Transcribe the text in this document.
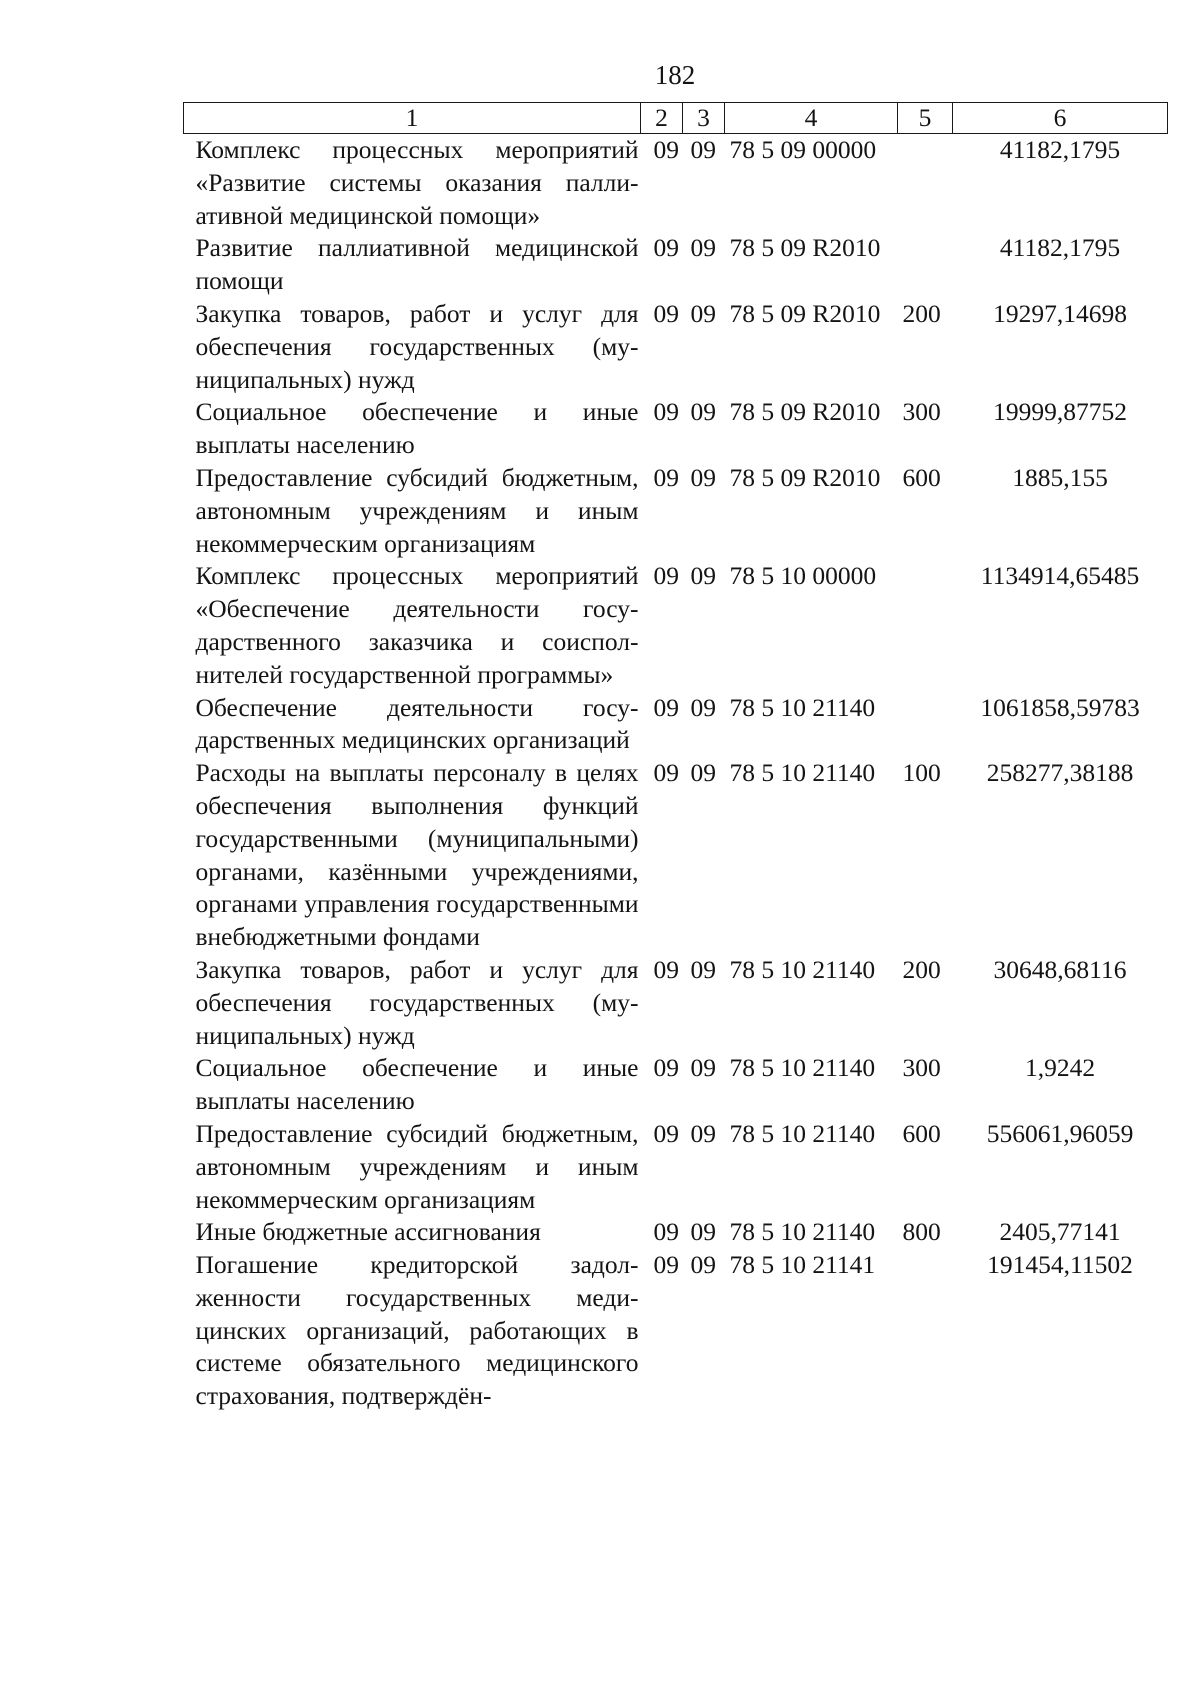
182
1	2	3	4	5	6
Комплекс процессных мероприятий «Развитие системы оказания паллиативной медицинской помощи»	09	09	78 5 09 00000		41182,1795
Развитие паллиативной медицинской помощи	09	09	78 5 09 R2010		41182,1795
Закупка товаров, работ и услуг для обеспечения государственных (муниципальных) нужд	09	09	78 5 09 R2010	200	19297,14698
Социальное обеспечение и иные выплаты населению	09	09	78 5 09 R2010	300	19999,87752
Предоставление субсидий бюджетным, автономным учреждениям и иным некоммерческим организациям	09	09	78 5 09 R2010	600	1885,155
Комплекс процессных мероприятий «Обеспечение деятельности государственного заказчика и соисполнителей государственной программы»	09	09	78 5 10 00000		1134914,65485
Обеспечение деятельности государственных медицинских организаций	09	09	78 5 10 21140		1061858,59783
Расходы на выплаты персоналу в целях обеспечения выполнения функций государственными (муниципальными) органами, казёнными учреждениями, органами управления государственными внебюджетными фондами	09	09	78 5 10 21140	100	258277,38188
Закупка товаров, работ и услуг для обеспечения государственных (муниципальных) нужд	09	09	78 5 10 21140	200	30648,68116
Социальное обеспечение и иные выплаты населению	09	09	78 5 10 21140	300	1,9242
Предоставление субсидий бюджетным, автономным учреждениям и иным некоммерческим организациям	09	09	78 5 10 21140	600	556061,96059
Иные бюджетные ассигнования	09	09	78 5 10 21140	800	2405,77141
Погашение кредиторской задолженности государственных медицинских организаций, работающих в системе обязательного медицинского страхования, подтверждён-	09	09	78 5 10 21141		191454,11502
